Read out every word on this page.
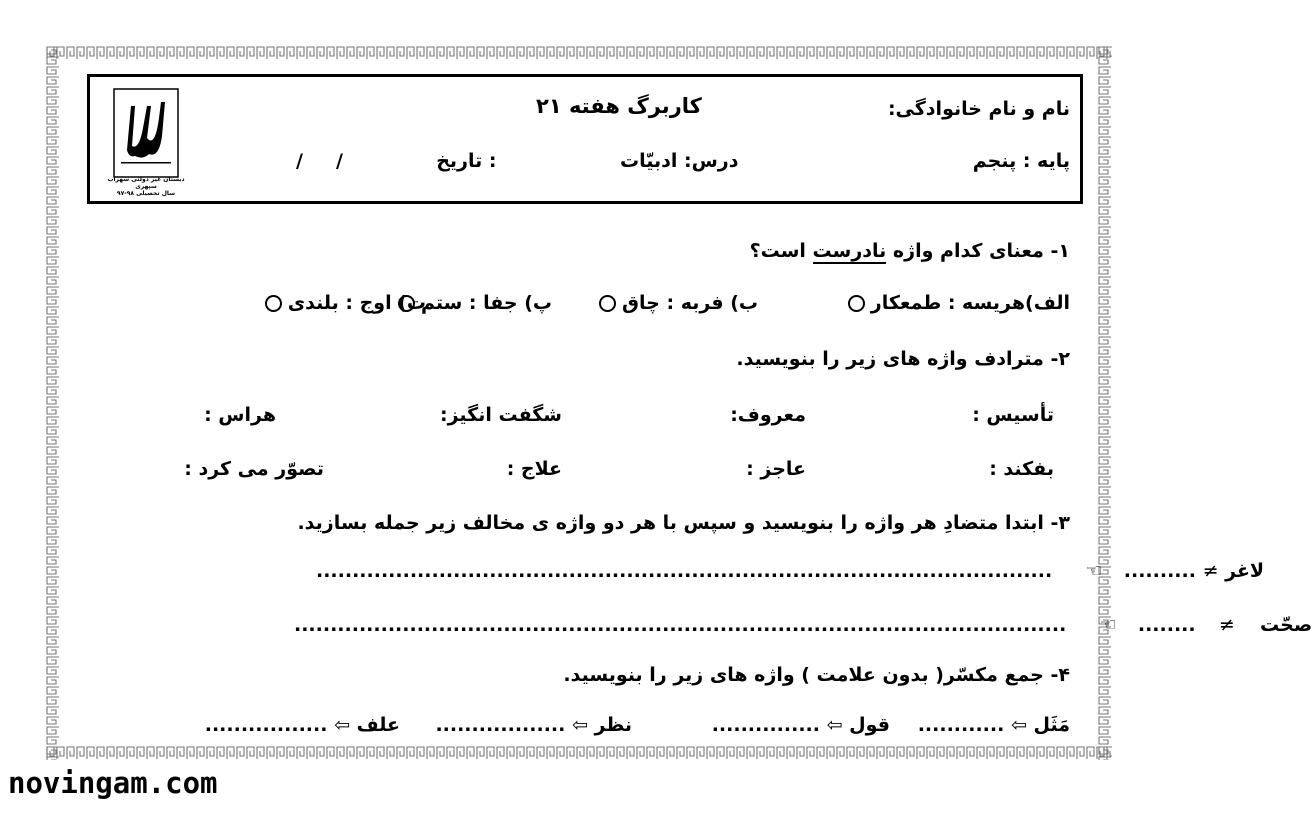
دبستان غیر دولتی سهراب سپهری
سال تحصیلی ۹۸-۹۷
نام و نام خانوادگی:
کاربرگ هفته ۲۱
پایه : پنجم
درس: ادبیّات
/     /	تاریخ :
۱- معنای کدام واژه نادرست است؟
الف)هریسه : طمعکار
ب) فربه : چاق
پ) جفا : ستم
ت) اوج : بلندی
۲- مترادف واژه های زیر را بنویسید.
تأسیس :
معروف:
شگفت انگیز:
هراس :
بفکند :
عاجز :
علاج :
تصوّر می کرد :
۳- ابتدا متضادِ هر واژه را بنویسید و سپس با هر دو واژه ی مخالف زیر جمله بسازید.
...................................................................................................... ☜ .......... ≠ لاغر
........................................................................................................... ☜ ........ ≠ صحّت
۴- جمع مکسّر( بدون علامت ) واژه های زیر را بنویسید.
............ ⇦ مَثَل
............... ⇦ قول
.................. ⇦ نظر
................. ⇦ علف
novingam.com
